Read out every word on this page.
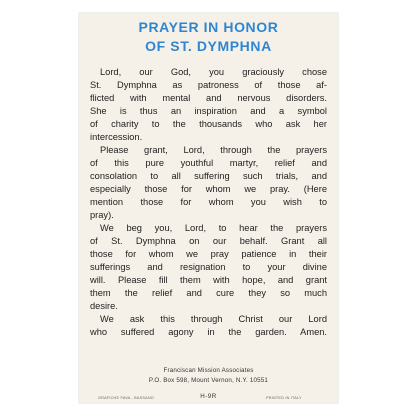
PRAYER IN HONOR
OF ST. DYMPHNA
Lord, our God, you graciously chose
St. Dymphna as patroness of those af-
flicted with mental and nervous disorders.
She is thus an inspiration and a symbol
of charity to the thousands who ask her
intercession.
Please grant, Lord, through the prayers
of this pure youthful martyr, relief and
consolation to all suffering such trials, and
especially those for whom we pray. (Here
mention those for whom you wish to
pray).
We beg you, Lord, to hear the prayers
of St. Dymphna on our behalf. Grant all
those for whom we pray patience in their
sufferings and resignation to your divine
will. Please fill them with hope, and grant
them the relief and cure they so much
desire.
We ask this through Christ our Lord
who suffered agony in the garden. Amen.
Franciscan Mission Associates
P.O. Box 598, Mount Vernon, N.Y. 10551
GRAFICHE FAVA - BASSANO	H-9R	PRINTED IN ITALY
